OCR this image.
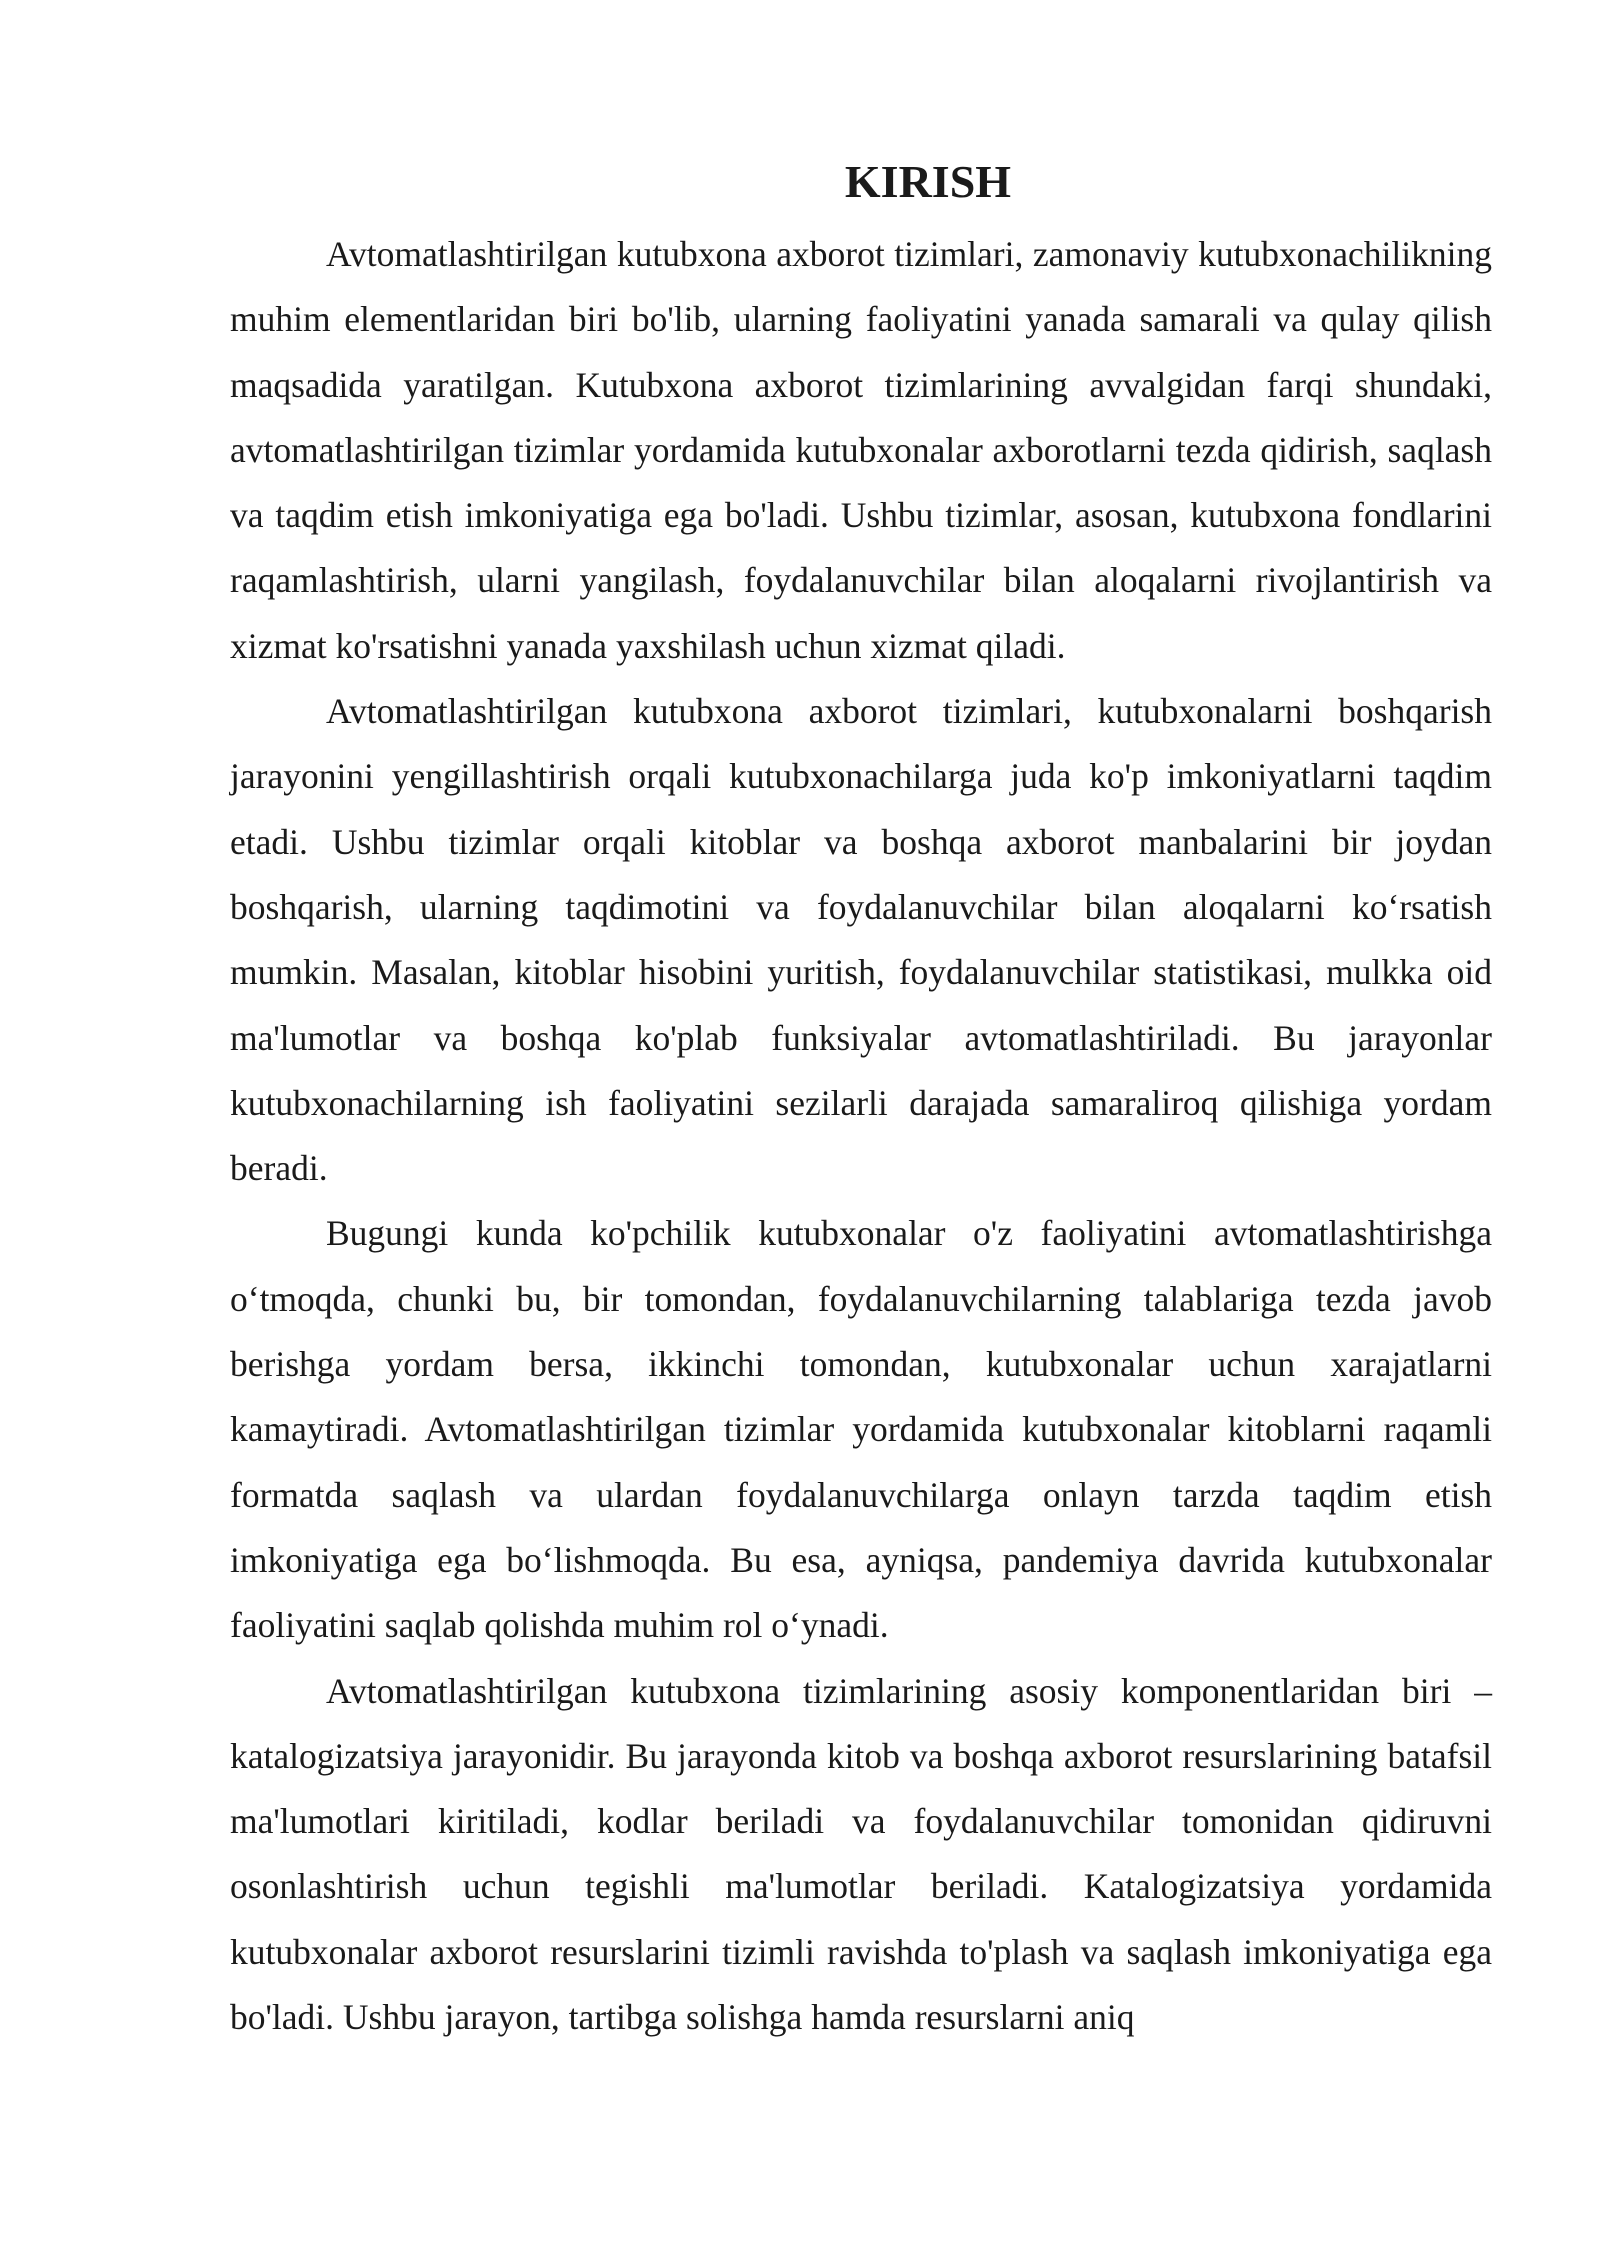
KIRISH

Avtomatlashtirilgan kutubxona axborot tizimlari, zamonaviy kutubxonachilikning muhim elementlaridan biri bo'lib, ularning faoliyatini yanada samarali va qulay qilish maqsadida yaratilgan. Kutubxona axborot tizimlarining avvalgidan farqi shundaki, avtomatlashtirilgan tizimlar yordamida kutubxonalar axborotlarni tezda qidirish, saqlash va taqdim etish imkoniyatiga ega bo'ladi. Ushbu tizimlar, asosan, kutubxona fondlarini raqamlashtirish, ularni yangilash, foydalanuvchilar bilan aloqalarni rivojlantirish va xizmat ko'rsatishni yanada yaxshilash uchun xizmat qiladi.

Avtomatlashtirilgan kutubxona axborot tizimlari, kutubxonalarni boshqarish jarayonini yengillashtirish orqali kutubxonachilarga juda ko'p imkoniyatlarni taqdim etadi. Ushbu tizimlar orqali kitoblar va boshqa axborot manbalarini bir joydan boshqarish, ularning taqdimotini va foydalanuvchilar bilan aloqalarni ko‘rsatish mumkin. Masalan, kitoblar hisobini yuritish, foydalanuvchilar statistikasi, mulkka oid ma'lumotlar va boshqa ko'plab funksiyalar avtomatlashtiriladi. Bu jarayonlar kutubxonachilarning ish faoliyatini sezilarli darajada samaraliroq qilishiga yordam beradi.

Bugungi kunda ko'pchilik kutubxonalar o'z faoliyatini avtomatlashtirishga o‘tmoqda, chunki bu, bir tomondan, foydalanuvchilarning talablariga tezda javob berishga yordam bersa, ikkinchi tomondan, kutubxonalar uchun xarajatlarni kamaytiradi. Avtomatlashtirilgan tizimlar yordamida kutubxonalar kitoblarni raqamli formatda saqlash va ulardan foydalanuvchilarga onlayn tarzda taqdim etish imkoniyatiga ega bo‘lishmoqda. Bu esa, ayniqsa, pandemiya davrida kutubxonalar faoliyatini saqlab qolishda muhim rol o‘ynadi.

Avtomatlashtirilgan kutubxona tizimlarining asosiy komponentlaridan biri – katalogizatsiya jarayonidir. Bu jarayonda kitob va boshqa axborot resurslarining batafsil ma'lumotlari kiritiladi, kodlar beriladi va foydalanuvchilar tomonidan qidiruvni osonlashtirish uchun tegishli ma'lumotlar beriladi. Katalogizatsiya yordamida kutubxonalar axborot resurslarini tizimli ravishda to'plash va saqlash imkoniyatiga ega bo'ladi. Ushbu jarayon, tartibga solishga hamda resurslarni aniq
